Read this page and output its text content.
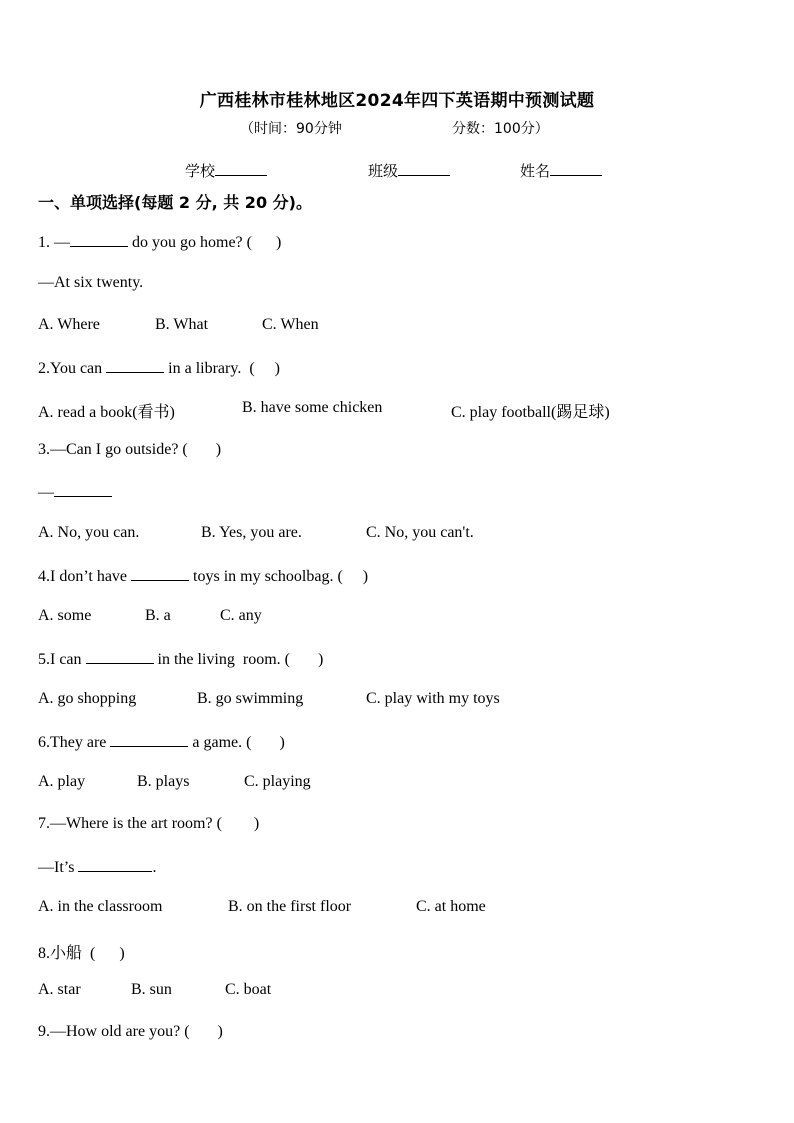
广西桂林市桂林地区2024年四下英语期中预测试题
（时间：90分钟	分数：100分）
学校	班级	姓名
一、单项选择(每题 2 分, 共 20 分)。
1. —	do you go home? (      )
—At six twenty.
A. Where	B. What	C. When
2.You can	in a library.  (     )
A. read a book(看书)	B. have some chicken	C. play football(踢足球)
3.—Can I go outside? (       )
—
A. No, you can.	B. Yes, you are.	C. No, you can't.
4.I don’t have	toys in my schoolbag. (     )
A. some	B. a	C. any
5.I can	in the living  room. (       )
A. go shopping	B. go swimming	C. play with my toys
6.They are	a game. (       )
A. play	B. plays	C. playing
7.—Where is the art room? (        )
—It’s	.
A. in the classroom	B. on the first floor	C. at home
8.小船  (      )
A. star	B. sun	C. boat
9.—How old are you? (       )
